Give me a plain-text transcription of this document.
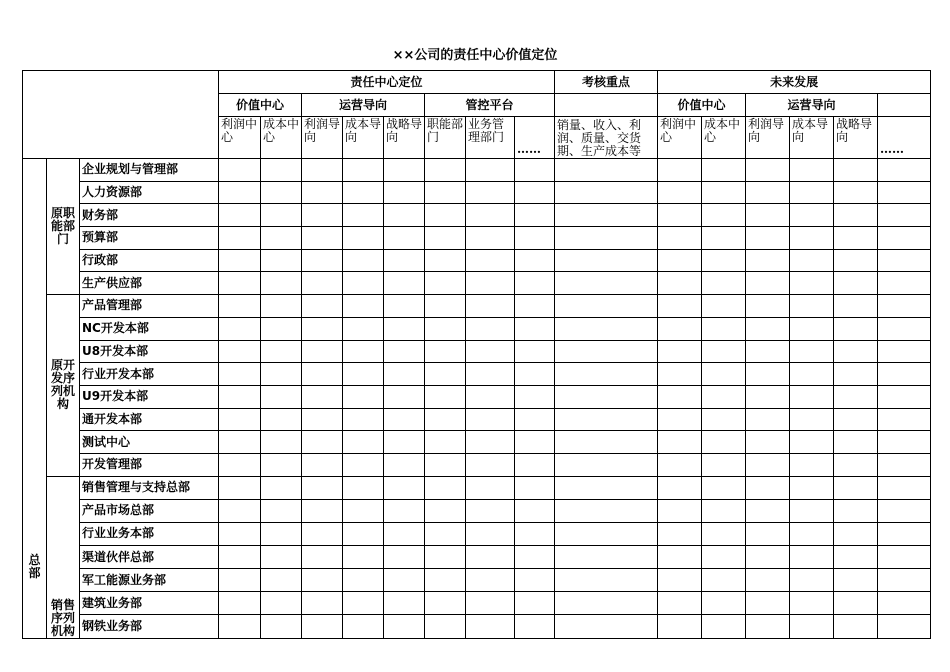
××公司的责任中心价值定位
			责任中心定位								考核重点	未来发展					
			价值中心		运营导向			管控平台				价值中心		运营导向			
			利润中心	成本中心	利润导向	成本导向	战略导向	职能部门	业务管理部门	……	销量、收入、利润、质量、交货期、生产成本等	利润中心	成本中心	利润导向	成本导向	战略导向	……
总部	原职能部门	企业规划与管理部															
		人力资源部															
		财务部															
		预算部															
		行政部															
		生产供应部															
	原开发序列机构	产品管理部															
		NC开发本部															
		U8开发本部															
		行业开发本部															
		U9开发本部															
		通开发本部															
		测试中心															
		开发管理部															
	销售序列机构	销售管理与支持总部															
		产品市场总部															
		行业业务本部															
		渠道伙伴总部															
		军工能源业务部															
		建筑业务部															
		钢铁业务部															
